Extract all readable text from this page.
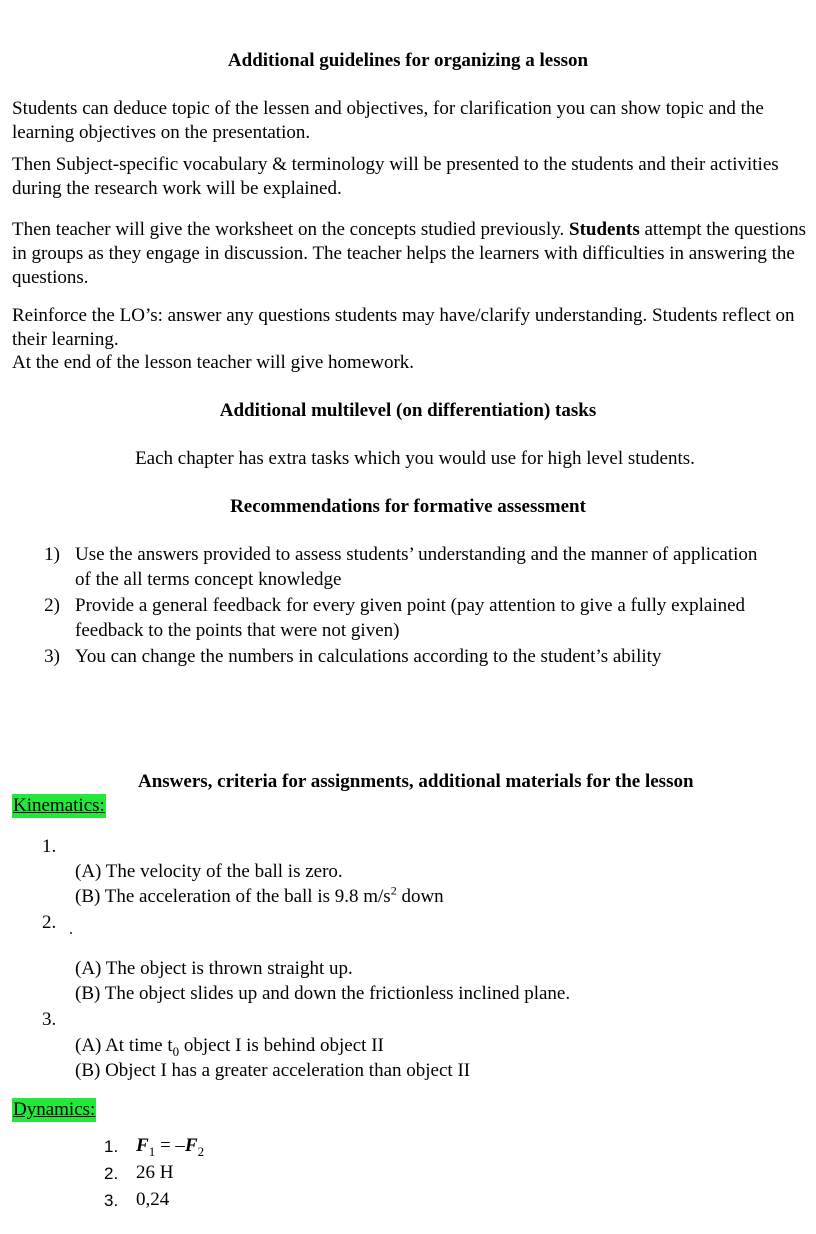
Additional guidelines for organizing a lesson
Students can deduce topic of the lessen and objectives, for clarification you can show topic and the learning objectives on the presentation.
Then Subject-specific vocabulary & terminology will be presented to the students and their activities during the research work will be explained.
Then teacher will give the worksheet on the concepts studied previously. Students attempt the questions in groups as they engage in discussion. The teacher helps the learners with difficulties in answering the questions.
Reinforce the LO’s: answer any questions students may have/clarify understanding. Students reflect on their learning.
At the end of the lesson teacher will give homework.
Additional multilevel (on differentiation) tasks
Each chapter has extra tasks which you would use for high level students.
Recommendations for formative assessment
1) Use the answers provided to assess students’ understanding and the manner of application
of the all terms concept knowledge
2) Provide a general feedback for every given point (pay attention to give a fully explained
feedback to the points that were not given)
3) You can change the numbers in calculations according to the student’s ability
Answers, criteria for assignments, additional materials for the lesson
Kinematics:
1.
(A) The velocity of the ball is zero.
(B) The acceleration of the ball is 9.8 $m/s^2$ down
2.
(A) The object is thrown straight up.
(B) The object slides up and down the frictionless inclined plane.
3.
(A) At time $t_0$ object I is behind object II
(B) Object I has a greater acceleration than object II
Dynamics:
1. $F_1 = -F_2$
2. 26 H
3. 0,24
